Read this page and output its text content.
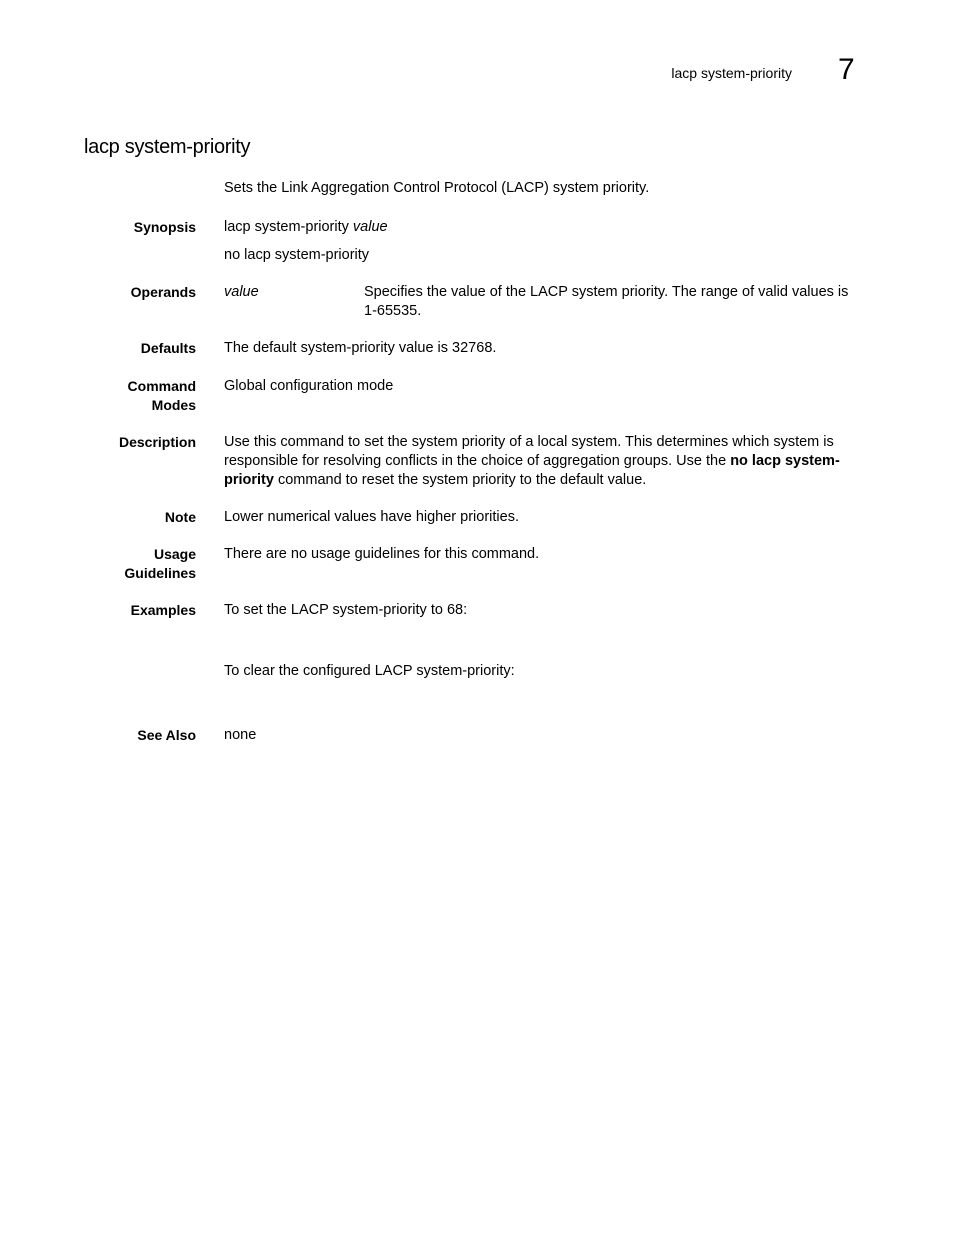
lacp system-priority 7
lacp system-priority
Sets the Link Aggregation Control Protocol (LACP) system priority.
Synopsis lacp system-priority value
no lacp system-priority
Operands value	Specifies the value of the LACP system priority. The range of valid values is 1-65535.
Defaults The default system-priority value is 32768.
Command
Modes
Global configuration mode
Description Use this command to set the system priority of a local system. This determines which system is responsible for resolving conflicts in the choice of aggregation groups. Use the no lacp system-priority command to reset the system priority to the default value.
Note Lower numerical values have higher priorities.
Usage
Guidelines
There are no usage guidelines for this command.
Examples To set the LACP system-priority to 68:
To clear the configured LACP system-priority:
See Also none
